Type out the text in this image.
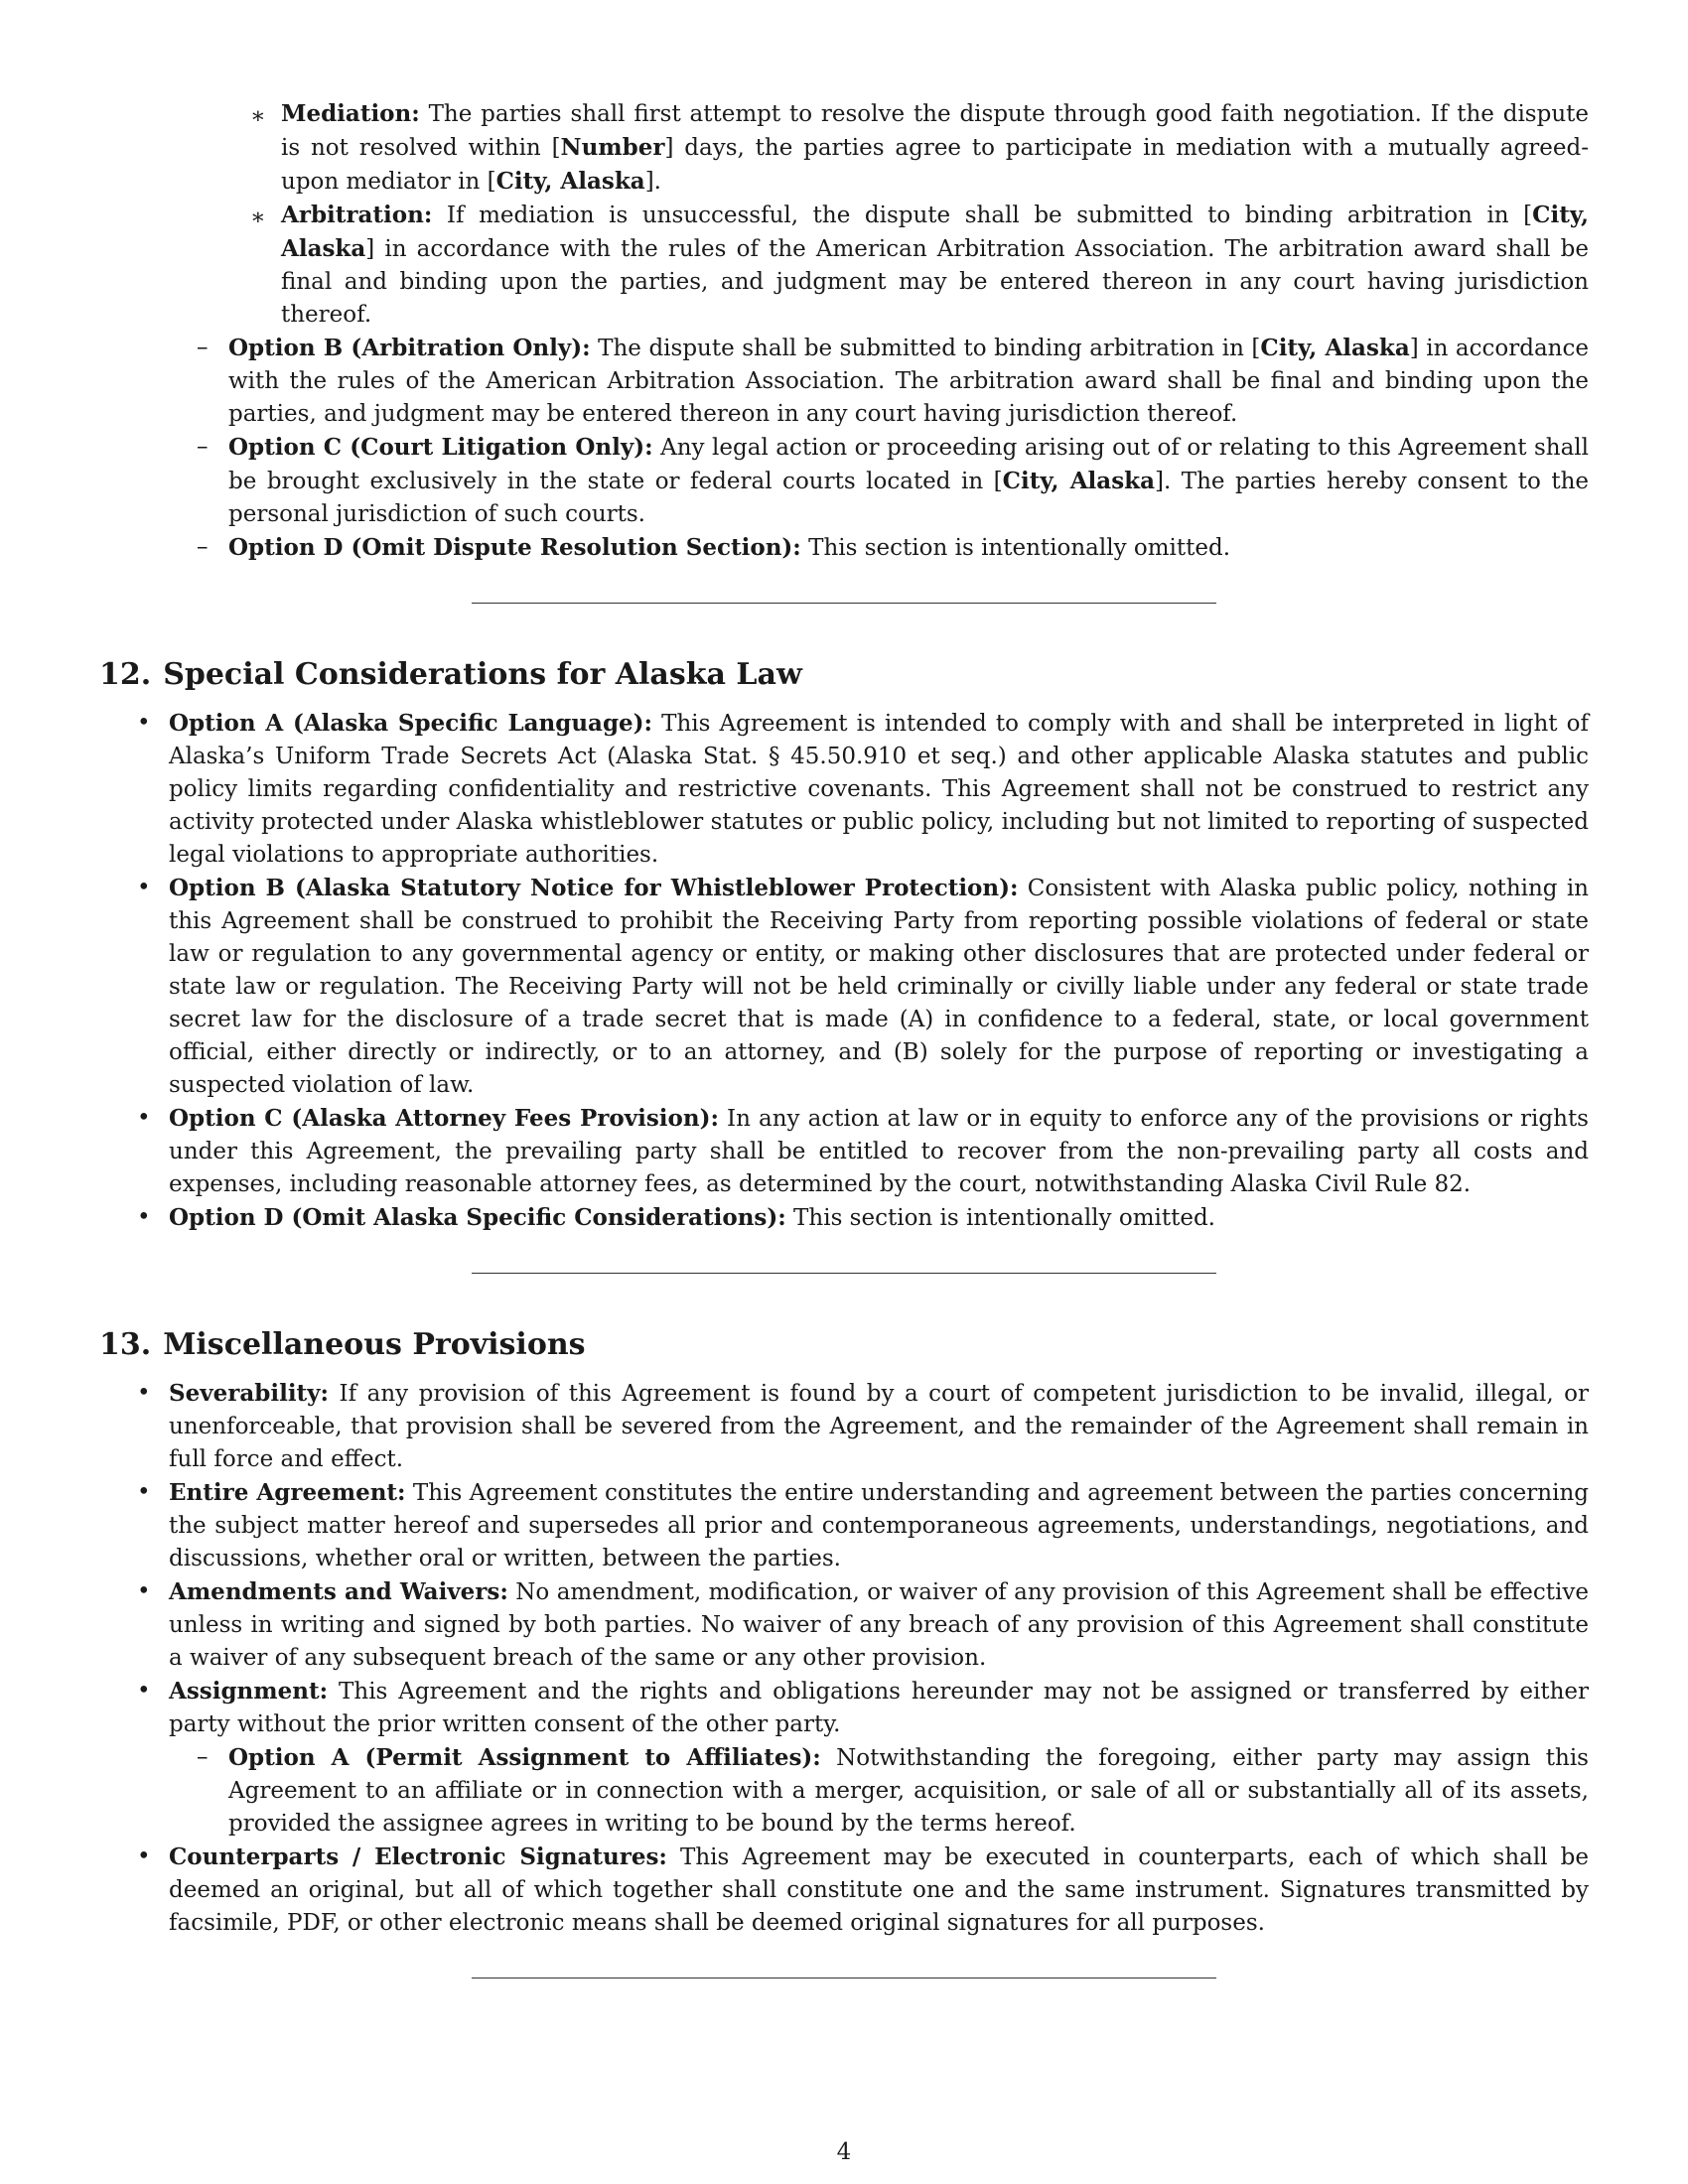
∗ Mediation: The parties shall first attempt to resolve the dispute through good faith negotiation. If the dispute is not resolved within [Number] days, the parties agree to participate in mediation with a mutually agreed-upon mediator in [City, Alaska].
∗ Arbitration: If mediation is unsuccessful, the dispute shall be submitted to binding arbitration in [City, Alaska] in accordance with the rules of the American Arbitration Association. The arbitration award shall be final and binding upon the parties, and judgment may be entered thereon in any court having jurisdiction thereof.
– Option B (Arbitration Only): The dispute shall be submitted to binding arbitration in [City, Alaska] in accordance with the rules of the American Arbitration Association. The arbitration award shall be final and binding upon the parties, and judgment may be entered thereon in any court having jurisdiction thereof.
– Option C (Court Litigation Only): Any legal action or proceeding arising out of or relating to this Agreement shall be brought exclusively in the state or federal courts located in [City, Alaska]. The parties hereby consent to the personal jurisdiction of such courts.
– Option D (Omit Dispute Resolution Section): This section is intentionally omitted.
12. Special Considerations for Alaska Law
• Option A (Alaska Specific Language): This Agreement is intended to comply with and shall be interpreted in light of Alaska’s Uniform Trade Secrets Act (Alaska Stat. § 45.50.910 et seq.) and other applicable Alaska statutes and public policy limits regarding confidentiality and restrictive covenants. This Agreement shall not be construed to restrict any activity protected under Alaska whistleblower statutes or public policy, including but not limited to reporting of suspected legal violations to appropriate authorities.
• Option B (Alaska Statutory Notice for Whistleblower Protection): Consistent with Alaska public policy, nothing in this Agreement shall be construed to prohibit the Receiving Party from reporting possible violations of federal or state law or regulation to any governmental agency or entity, or making other disclosures that are protected under federal or state law or regulation. The Receiving Party will not be held criminally or civilly liable under any federal or state trade secret law for the disclosure of a trade secret that is made (A) in confidence to a federal, state, or local government official, either directly or indirectly, or to an attorney, and (B) solely for the purpose of reporting or investigating a suspected violation of law.
• Option C (Alaska Attorney Fees Provision): In any action at law or in equity to enforce any of the provisions or rights under this Agreement, the prevailing party shall be entitled to recover from the non-prevailing party all costs and expenses, including reasonable attorney fees, as determined by the court, notwithstanding Alaska Civil Rule 82.
• Option D (Omit Alaska Specific Considerations): This section is intentionally omitted.
13. Miscellaneous Provisions
• Severability: If any provision of this Agreement is found by a court of competent jurisdiction to be invalid, illegal, or unenforceable, that provision shall be severed from the Agreement, and the remainder of the Agreement shall remain in full force and effect.
• Entire Agreement: This Agreement constitutes the entire understanding and agreement between the parties concerning the subject matter hereof and supersedes all prior and contemporaneous agreements, understandings, negotiations, and discussions, whether oral or written, between the parties.
• Amendments and Waivers: No amendment, modification, or waiver of any provision of this Agreement shall be effective unless in writing and signed by both parties. No waiver of any breach of any provision of this Agreement shall constitute a waiver of any subsequent breach of the same or any other provision.
• Assignment: This Agreement and the rights and obligations hereunder may not be assigned or transferred by either party without the prior written consent of the other party.
– Option A (Permit Assignment to Affiliates): Notwithstanding the foregoing, either party may assign this Agreement to an affiliate or in connection with a merger, acquisition, or sale of all or substantially all of its assets, provided the assignee agrees in writing to be bound by the terms hereof.
• Counterparts / Electronic Signatures: This Agreement may be executed in counterparts, each of which shall be deemed an original, but all of which together shall constitute one and the same instrument. Signatures transmitted by facsimile, PDF, or other electronic means shall be deemed original signatures for all purposes.
4
